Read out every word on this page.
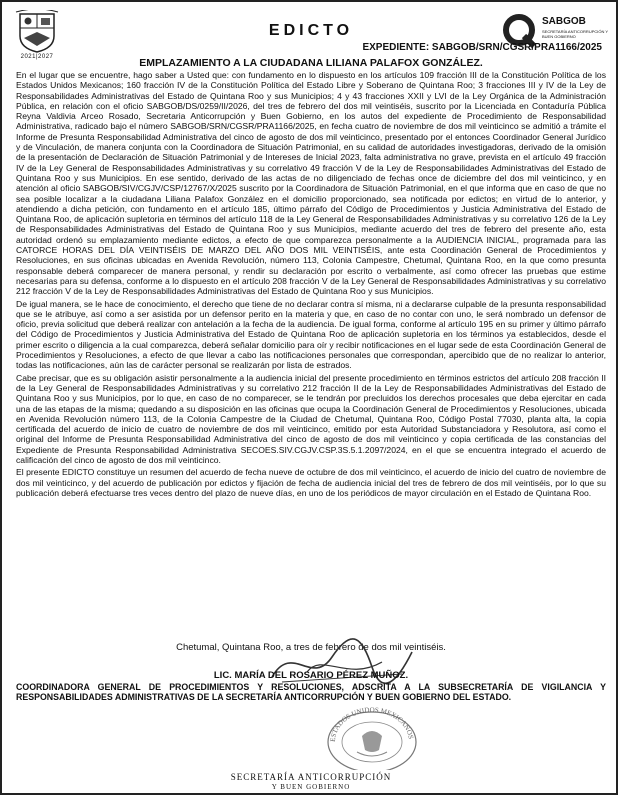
2021|2027
SABGOB
SECRETARÍA ANTICORRUPCIÓN Y BUEN GOBIERNO
EDICTO
EXPEDIENTE: SABGOB/SRN/CGSR/PRA1166/2025
EMPLAZAMIENTO A LA CIUDADANA LILIANA PALAFOX GONZÁLEZ.

En el lugar que se encuentre, hago saber a Usted que: con fundamento en lo dispuesto en los artículos 109 fracción III de la Constitución Política de los Estados Unidos Mexicanos; 160 fracción IV de la Constitución Política del Estado Libre y Soberano de Quintana Roo; 3 fracciones III y IV de la Ley de Responsabilidades Administrativas del Estado de Quintana Roo y sus Municipios; 4 y 43 fracciones XXII y LVI de la Ley Orgánica de la Administración Pública, en relación con el oficio SABGOB/DS/0259/II/2026, del tres de febrero del dos mil veintiséis, suscrito por la Licenciada en Contaduría Pública Reyna Valdivia Arceo Rosado, Secretaria Anticorrupción y Buen Gobierno, en los autos del expediente de Procedimiento de Responsabilidad Administrativa, radicado bajo el número SABGOB/SRN/CGSR/PRA1166/2025, en fecha cuatro de noviembre de dos mil veinticinco se admitió a trámite el Informe de Presunta Responsabilidad Administrativa del cinco de agosto de dos mil veinticinco, presentado por el entonces Coordinador General Jurídico y de Vinculación, de manera conjunta con la Coordinadora de Situación Patrimonial, en su calidad de autoridades investigadoras, derivado de la omisión de la presentación de Declaración de Situación Patrimonial y de Intereses de Inicial 2023, falta administrativa no grave, prevista en el artículo 49 fracción IV de la Ley General de Responsabilidades Administrativas y su correlativo 49 fracción V de la Ley de Responsabilidades Administrativas del Estado de Quintana Roo y sus Municipios. En ese sentido, derivado de las actas de no diligenciado de fechas once de diciembre del dos mil veinticinco, y en atención al oficio SABGOB/SIV/CGJV/CSP/12767/X/2025 suscrito por la Coordinadora de Situación Patrimonial, en el que informa que en caso de que no sea posible localizar a la ciudadana Liliana Palafox González en el domicilio proporcionado, sea notificada por edictos; en virtud de lo anterior, y atendiendo a dicha petición, con fundamento en el artículo 185, último párrafo del Código de Procedimientos y Justicia Administrativa del Estado de Quintana Roo, de aplicación supletoria en términos del artículo 118 de la Ley General de Responsabilidades Administrativas y su correlativo 126 de la Ley de Responsabilidades Administrativas del Estado de Quintana Roo y sus Municipios, mediante acuerdo del tres de febrero del presente año, esta autoridad ordenó su emplazamiento mediante edictos, a efecto de que comparezca personalmente a la AUDIENCIA INICIAL, programada para las CATORCE HORAS DEL DÍA VEINTISÉIS DE MARZO DEL AÑO DOS MIL VEINTISÉIS, ante esta Coordinación General de Procedimientos y Resoluciones, en sus oficinas ubicadas en Avenida Revolución, número 113, Colonia Campestre, Chetumal, Quintana Roo, en la que como presunta responsable deberá comparecer de manera personal, y rendir su declaración por escrito o verbalmente, así como ofrecer las pruebas que estime necesarias para su defensa, conforme a lo dispuesto en el artículo 208 fracción V de la Ley General de Responsabilidades Administrativas y su correlativo 212 fracción V de la Ley de Responsabilidades Administrativas del Estado de Quintana Roo y sus Municipios.

De igual manera, se le hace de conocimiento, el derecho que tiene de no declarar contra sí misma, ni a declararse culpable de la presunta responsabilidad que se le atribuye, así como a ser asistida por un defensor perito en la materia y que, en caso de no contar con uno, le será nombrado un defensor de oficio, previa solicitud que deberá realizar con antelación a la fecha de la audiencia. De igual forma, conforme al artículo 195 en su primer y último párrafo del Código de Procedimientos y Justicia Administrativa del Estado de Quintana Roo de aplicación supletoria en los términos ya establecidos, desde el primer escrito o diligencia a la cual comparezca, deberá señalar domicilio para oír y recibir notificaciones en el lugar sede de esta Coordinación General de Procedimientos y Resoluciones, a efecto de que llevar a cabo las notificaciones personales que correspondan, apercibido que de no realizar lo anterior, todas las notificaciones, aún las de carácter personal se realizarán por lista de estrados.

Cabe precisar, que es su obligación asistir personalmente a la audiencia inicial del presente procedimiento en términos estrictos del artículo 208 fracción II de la Ley General de Responsabilidades Administrativas y su correlativo 212 fracción II de la Ley de Responsabilidades Administrativas del Estado de Quintana Roo y sus Municipios, por lo que, en caso de no comparecer, se le tendrán por precluidos los derechos procesales que deba ejercitar en cada una de las etapas de la misma; quedando a su disposición en las oficinas que ocupa la Coordinación General de Procedimientos y Resoluciones, ubicada en Avenida Revolución número 113, de la Colonia Campestre de la Ciudad de Chetumal, Quintana Roo, Código Postal 77030, planta alta, la copia certificada del acuerdo de inicio de cuatro de noviembre de dos mil veinticinco, emitido por esta Autoridad Substanciadora y Resolutora, así como el original del Informe de Presunta Responsabilidad Administrativa del cinco de agosto de dos mil veinticinco y copia certificada de las constancias del Expediente de Presunta Responsabilidad Administrativa SECOES.SIV.CGJV.CSP.3S.5.1.2097/2024, en el que se encuentra integrado el acuerdo de calificación del cinco de agosto de dos mil veinticinco.

El presente EDICTO constituye un resumen del acuerdo de fecha nueve de octubre de dos mil veinticinco, el acuerdo de inicio del cuatro de noviembre de dos mil veinticinco, y del acuerdo de publicación por edictos y fijación de fecha de audiencia inicial del tres de febrero de dos mil veintiséis, por lo que su publicación deberá efectuarse tres veces dentro del plazo de nueve días, en uno de los periódicos de mayor circulación en el Estado de Quintana Roo.

Chetumal, Quintana Roo, a tres de febrero de dos mil veintiséis.
LIC. MARÍA DEL ROSARIO PÉREZ MUÑOZ.
COORDINADORA GENERAL DE PROCEDIMIENTOS Y RESOLUCIONES, ADSCRITA A LA SUBSECRETARÍA DE VIGILANCIA Y RESPONSABILIDADES ADMINISTRATIVAS DE LA SECRETARÍA ANTICORRUPCIÓN Y BUEN GOBIERNO DEL ESTADO.
ESTADOS UNIDOS MEXICANOS
SECRETARÍA ANTICORRUPCIÓN
Y BUEN GOBIERNO
